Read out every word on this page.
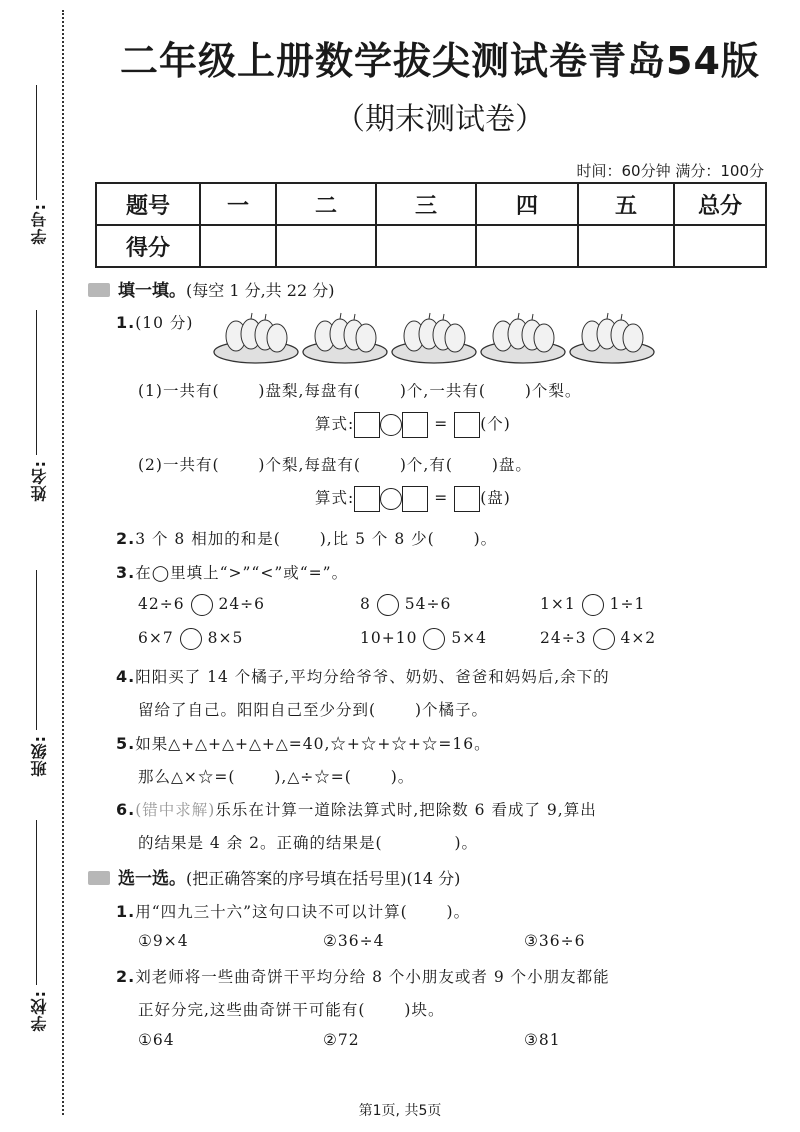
学号:
姓名:
班级:
学校:
二年级上册数学拔尖测试卷青岛54版
（期末测试卷）
时间：60分钟 满分：100分
题号	一	二	三	四	五	总分
得分						
填一填。(每空 1 分,共 22 分)
1.(10 分)
(1)一共有(　　 )盘梨,每盘有(　　 )个,一共有(　　 )个梨。
算式:	= (个)
(2)一共有(　　 )个梨,每盘有(　　 )个,有(　　 )盘。
算式:	= (盘)
2.3 个 8 相加的和是(　　 ),比 5 个 8 少(　　 )。
3.在◯里填上“>”“<”或“=”。
42÷6 24÷6	8 54÷6	1×1 1÷1
6×7 8×5	10+10 5×4	24÷3 4×2
4.阳阳买了 14 个橘子,平均分给爷爷、奶奶、爸爸和妈妈后,余下的
留给了自己。阳阳自己至少分到(　　 )个橘子。
5.如果△+△+△+△+△=40,☆+☆+☆+☆=16。
那么△×☆=(　　 ),△÷☆=(　　 )。
6.(错中求解)乐乐在计算一道除法算式时,把除数 6 看成了 9,算出
的结果是 4 余 2。正确的结果是(　　　　 )。
选一选。(把正确答案的序号填在括号里)(14 分)
1.用“四九三十六”这句口诀不可以计算(　　 )。
①9×4	②36÷4	③36÷6
2.刘老师将一些曲奇饼干平均分给 8 个小朋友或者 9 个小朋友都能
正好分完,这些曲奇饼干可能有(　　 )块。
①64	②72	③81
第1页, 共5页
